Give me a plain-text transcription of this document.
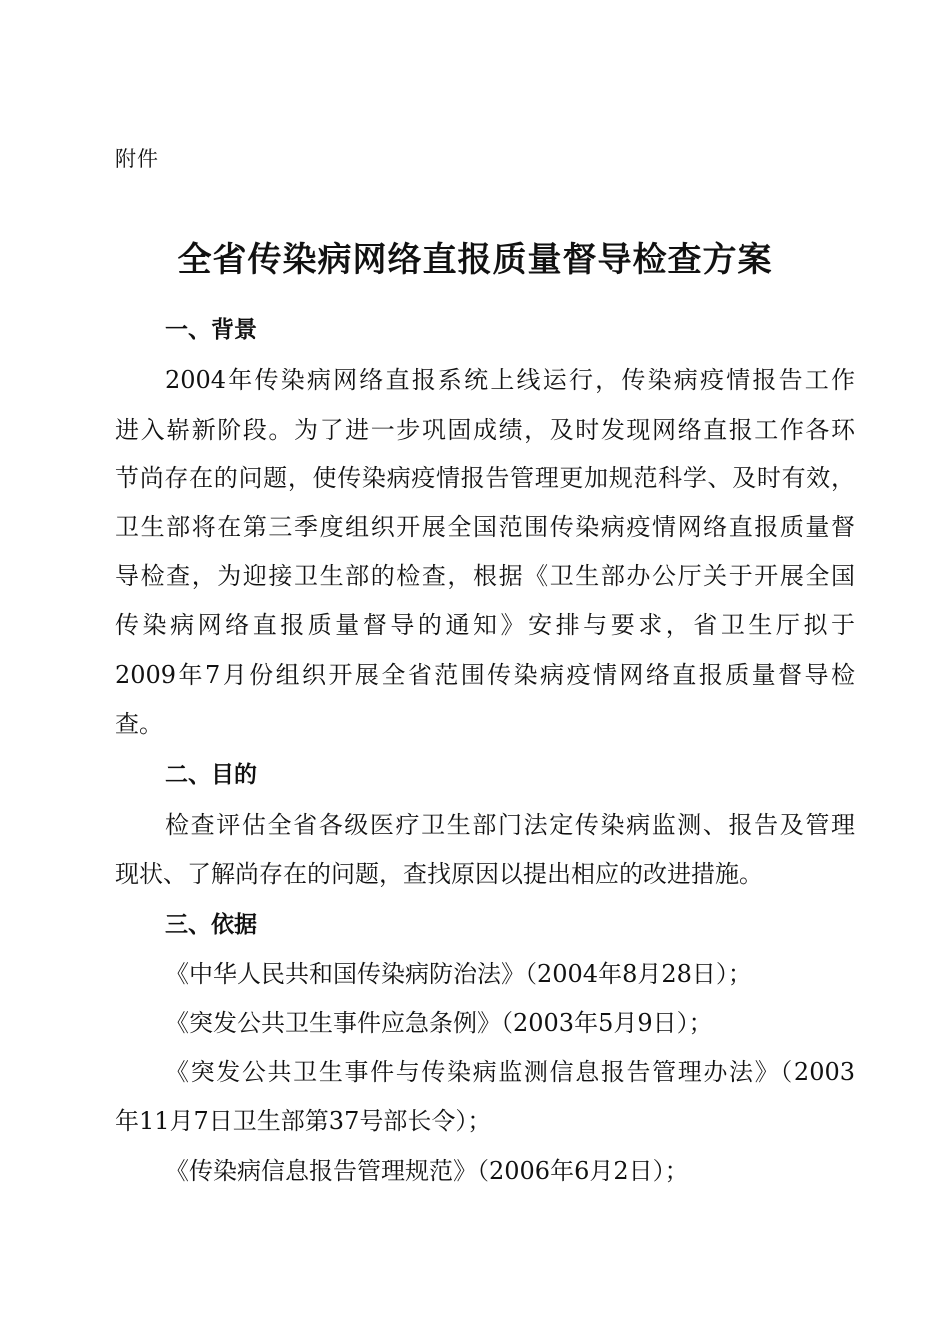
附件
全省传染病网络直报质量督导检查方案
一、背景
2004年传染病网络直报系统上线运行，传染病疫情报告工作
进入崭新阶段。为了进一步巩固成绩，及时发现网络直报工作各环
节尚存在的问题，使传染病疫情报告管理更加规范科学、及时有效，
卫生部将在第三季度组织开展全国范围传染病疫情网络直报质量督
导检查，为迎接卫生部的检查，根据《卫生部办公厅关于开展全国
传染病网络直报质量督导的通知》安排与要求，省卫生厅拟于
2009年7月份组织开展全省范围传染病疫情网络直报质量督导检
查。
二、目的
检查评估全省各级医疗卫生部门法定传染病监测、报告及管理
现状、了解尚存在的问题，查找原因以提出相应的改进措施。
三、依据
《中华人民共和国传染病防治法》（2004年8月28日）；
《突发公共卫生事件应急条例》（2003年5月9日）；
《突发公共卫生事件与传染病监测信息报告管理办法》（2003
年11月7日卫生部第37号部长令）；
《传染病信息报告管理规范》（2006年6月2日）；
